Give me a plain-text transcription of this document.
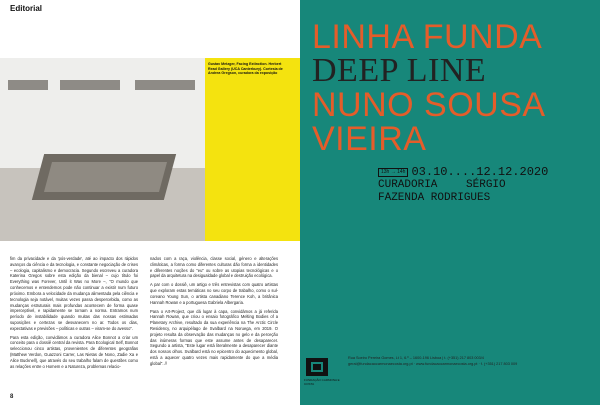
Editorial
Gustav Metzger, Facing Extinction. Herbert Read Gallery (UCA Canterbury). Cortesia de Andrea Gregson, curadora da exposição

fim da privacidade e da 'pós-verdade', até ao impacto dos rápidos avanços da ciência e da tecnologia, e constante negociação de crises – ecologia, capitalismo e democracia. Segundo escreveu a curadora Katerina Gregos sobre esta edição da bienal – cujo título foi Everything was Forever, Until it Was no More –, "O mundo que conhecemos e entendemos pode não continuar a existir num futuro próximo. Embora a velocidade da mudança alimentada pela ciência e tecnologia seja notável, muitas vezes passa despercebida, como as mudanças estruturais mais profundas acontecem de forma quase imperceptível, e rapidamente se tornam a norma. Entramos num período de instabilidade quando muitas das nossas estimadas suposições e certezas se desvanecem no ar. Todos os dias, expectativas e previsões – políticas e outras – viram-se do avesso".

Para esta edição, convidámos a curadora Alice Bonnot a criar um conceito para o dossiê central da revista. Para Ecological Self, Bonnot seleccionou cinco artistas, provenientes de diferentes geografias (Matthew Verdon, Guazzoni Carrer, Las Nietas de Nono, Zadie Xa e Alice Bucknell), que através do seu trabalho falam de questões como as relações entre o Homem e a Natureza, problemas relacio-

nados com a raça, violência, classe social, género e alterações climáticas, a forma como diferentes culturas dão forma a identidades e diferentes noções do "eu" ou sobre as utopias tecnológicas e o papel da arquitetura na desigualdade global e destruição ecológica.

A par com o dossiê, um artigo e três entrevistas com quatro artistas que exploram estas temáticas no seu corpo de trabalho, como o sul-coreano Young Sun, o artista canadiano Terence Koh, a britânica Hannah Rowan e a portuguesa Gabriela Albergaria.

Para o Art-Project, que dá lugar à capa, convidámos a já referida Hannah Rowan, que criou o ensaio fotográfico Melting Bodies of a Planetary Archive, resultado da sua experiência na The Arctic Circle Residency, no arquipélago de Svalbard na Noruega, em 2019. O projeto resulta da observação das mudanças no gelo e da perceção das inúmeras formas que este assume antes de desaparecer. Segundo a artista, "Este lugar está literalmente a desaparecer diante dos nossos olhos. Svalbard está no epicentro do aquecimento global, está a aquecer quatro vezes mais rapidamente do que a média global". //

8
LINHA FUNDA
DEEP LINE
NUNO SOUSA
VIEIRA
13h → 14h 03.10....12.12.2020
CURADORIA	SÉRGIO
FAZENDA RODRIGUES
FUNDAÇÃO CARMONA E COSTA
Rua Soeiro Pereira Gomes, Lt 1, 6.º – 1600-196 Lisboa | t. (+351) 217 803 003/4
geral@fundacaocarmonaecosta.org.pt · www.fundacaocarmonaecosta.org.pt · f. (+351) 217 803 009
